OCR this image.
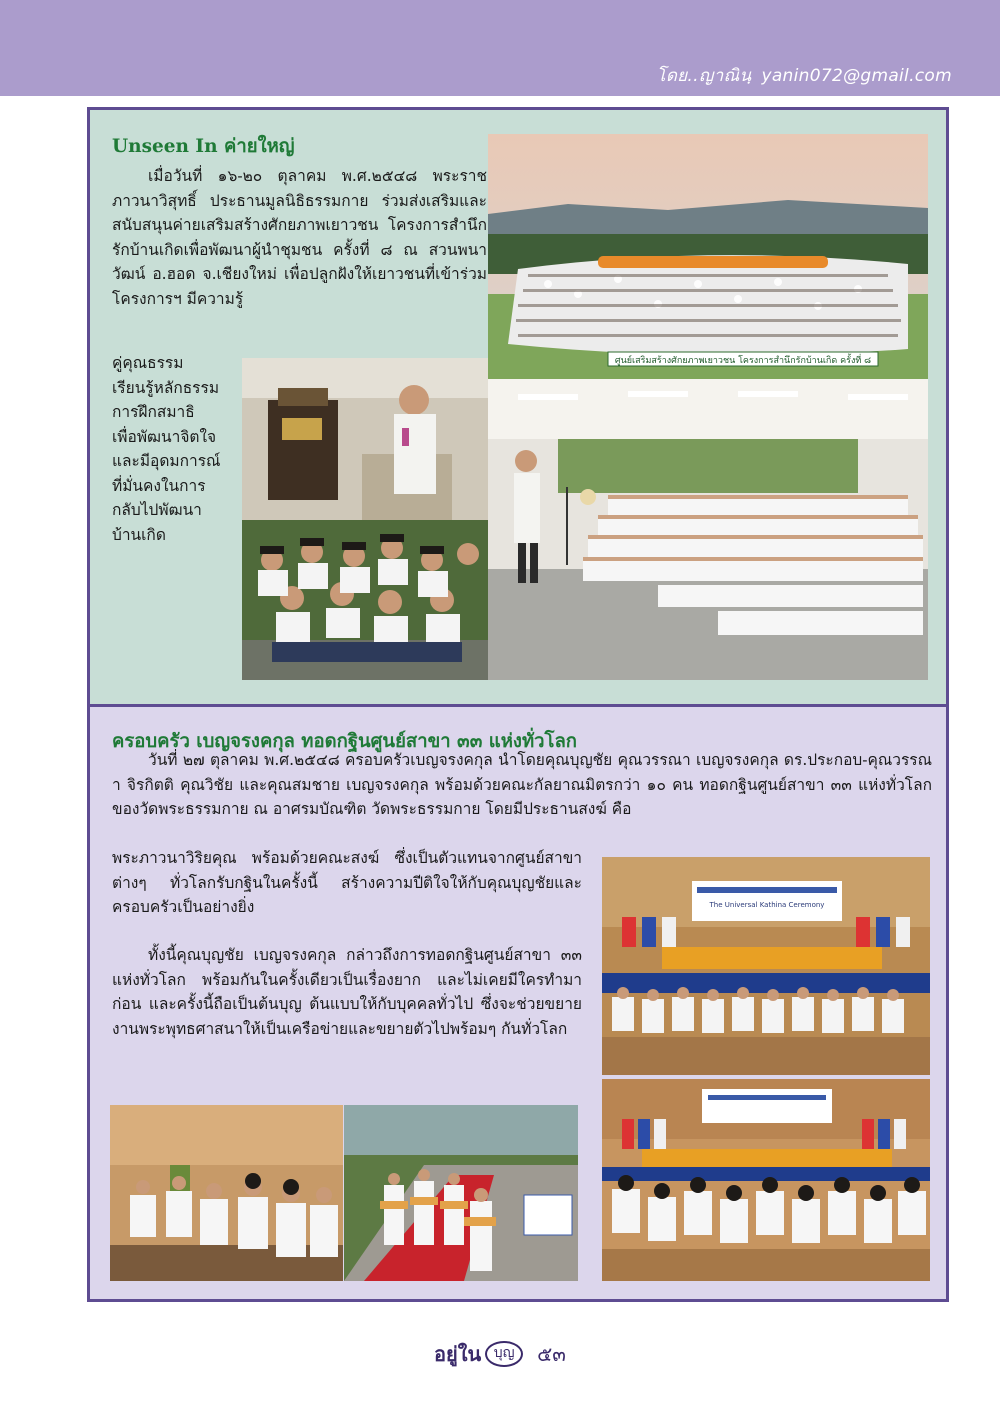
โดย..ญาณินฺ yanin072@gmail.com
Unseen In ค่ายใหญ่
เมื่อวันที่ ๑๖-๒๐ ตุลาคม พ.ศ.๒๕๔๘ พระราชภาวนาวิสุทธิ์ ประธานมูลนิธิธรรมกาย ร่วมส่งเสริมและสนับสนุนค่ายเสริมสร้างศักยภาพเยาวชน โครงการสำนึกรักบ้านเกิดเพื่อพัฒนาผู้นำชุมชน ครั้งที่ ๘ ณ สวนพนาวัฒน์ อ.ฮอด จ.เชียงใหม่ เพื่อปลูกฝังให้เยาวชนที่เข้าร่วมโครงการฯ มีความรู้
คู่คุณธรรม
เรียนรู้หลักธรรม
การฝึกสมาธิ
เพื่อพัฒนาจิตใจ
และมีอุดมการณ์
ที่มั่นคงในการ
กลับไปพัฒนา
บ้านเกิด
ศูนย์เสริมสร้างศักยภาพเยาวชน โครงการสำนึกรักบ้านเกิด ครั้งที่ ๘
ครอบครัว เบญจรงคกุล ทอดกฐินศูนย์สาขา ๓๓ แห่งทั่วโลก
วันที่ ๒๗ ตุลาคม พ.ศ.๒๕๔๘ ครอบครัวเบญจรงคกุล นำโดยคุณบุญชัย คุณวรรณา เบญจรงคกุล ดร.ประกอบ-คุณวรรณา จิรกิตติ คุณวิชัย และคุณสมชาย เบญจรงคกุล พร้อมด้วยคณะกัลยาณมิตรกว่า ๑๐ คน ทอดกฐินศูนย์สาขา ๓๓ แห่งทั่วโลก ของวัดพระธรรมกาย ณ อาศรมบัณฑิต วัดพระธรรมกาย โดยมีประธานสงฆ์ คือ
พระภาวนาวิริยคุณ พร้อมด้วยคณะสงฆ์ ซึ่งเป็นตัวแทนจากศูนย์สาขาต่างๆ ทั่วโลกรับกฐินในครั้งนี้ สร้างความปีติใจให้กับคุณบุญชัยและครอบครัวเป็นอย่างยิ่ง
ทั้งนี้คุณบุญชัย เบญจรงคกุล กล่าวถึงการทอดกฐินศูนย์สาขา ๓๓ แห่งทั่วโลก พร้อมกันในครั้งเดียวเป็นเรื่องยาก และไม่เคยมีใครทำมาก่อน และครั้งนี้ถือเป็นต้นบุญ ต้นแบบให้กับบุคคลทั่วไป ซึ่งจะช่วยขยายงานพระพุทธศาสนาให้เป็นเครือข่ายและขยายตัวไปพร้อมๆ กันทั่วโลก
The Universal Kathina Ceremony
อยู่ใน บุญ ๕๓
